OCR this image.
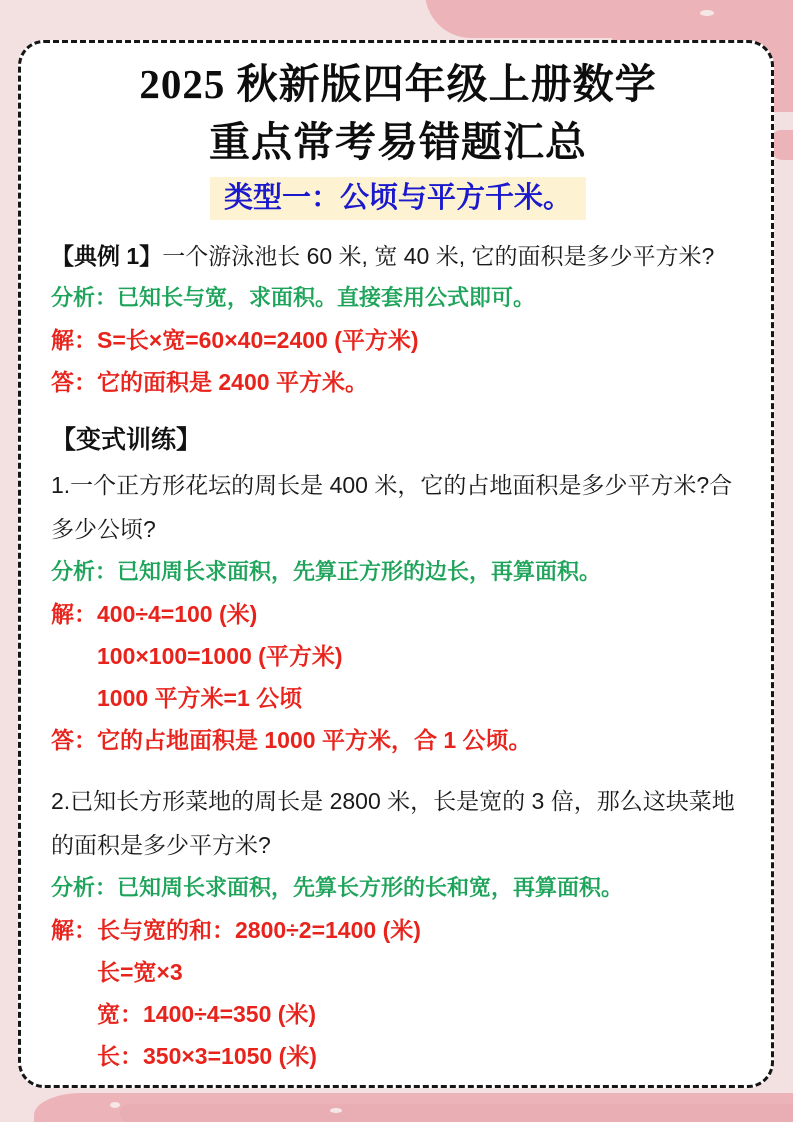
2025 秋新版四年级上册数学
重点常考易错题汇总
类型一：公顷与平方千米。
【典例 1】一个游泳池长 60 米, 宽 40 米, 它的面积是多少平方米?
分析：已知长与宽，求面积。直接套用公式即可。
解：S=长×宽=60×40=2400 (平方米)
答：它的面积是 2400 平方米。
【变式训练】
1.一个正方形花坛的周长是 400 米，它的占地面积是多少平方米?合多少公顷?
分析：已知周长求面积，先算正方形的边长，再算面积。
解： 400÷4=100 (米)
100×100=1000 (平方米)
1000 平方米=1 公顷
答：它的占地面积是 1000 平方米，合 1 公顷。
2.已知长方形菜地的周长是 2800 米，长是宽的 3 倍，那么这块菜地的面积是多少平方米?
分析：已知周长求面积，先算长方形的长和宽，再算面积。
解： 长与宽的和：2800÷2=1400 (米)
长=宽×3
宽：1400÷4=350 (米)
长：350×3=1050 (米)
